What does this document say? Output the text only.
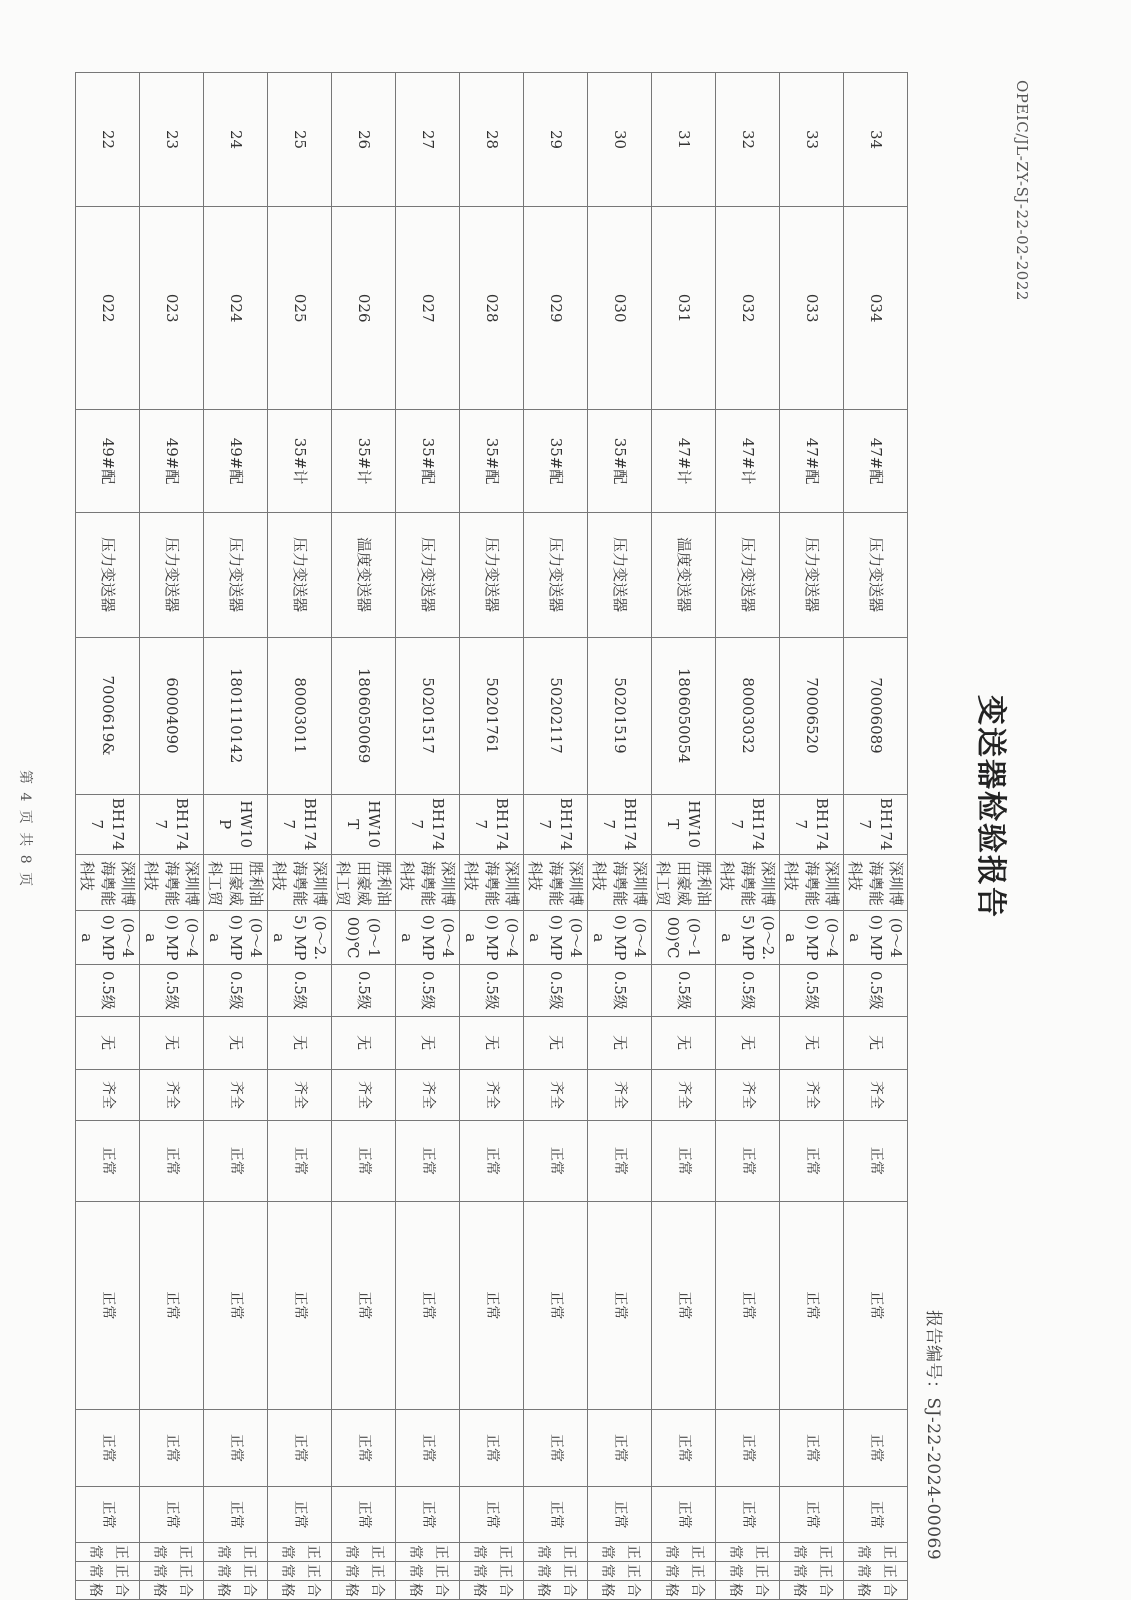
OPEIC/JL-ZY-SJ-22-02-2022
变送器检验报告
报告编号：SJ-22-2024-00069
34	034	47#配	压力变送器	70006089	BH1747	深圳博海粤能科技	(0～40) MPa	0.5级	无	齐全	正常	正常	正常	正常	正常	正常	合格
33	033	47#配	压力变送器	70006520	BH1747	深圳博海粤能科技	(0～40) MPa	0.5级	无	齐全	正常	正常	正常	正常	正常	正常	合格
32	032	47#计	压力变送器	80003032	BH1747	深圳博海粤能科技	(0～2.5) MPa	0.5级	无	齐全	正常	正常	正常	正常	正常	正常	合格
31	031	47#计	温度变送器	1806050054	HW10T	胜利油田豪威科工贸	(0～100)℃	0.5级	无	齐全	正常	正常	正常	正常	正常	正常	合格
30	030	35#配	压力变送器	50201519	BH1747	深圳博海粤能科技	(0～40) MPa	0.5级	无	齐全	正常	正常	正常	正常	正常	正常	合格
29	029	35#配	压力变送器	50202117	BH1747	深圳博海粤能科技	(0～40) MPa	0.5级	无	齐全	正常	正常	正常	正常	正常	正常	合格
28	028	35#配	压力变送器	50201761	BH1747	深圳博海粤能科技	(0～40) MPa	0.5级	无	齐全	正常	正常	正常	正常	正常	正常	合格
27	027	35#配	压力变送器	50201517	BH1747	深圳博海粤能科技	(0～40) MPa	0.5级	无	齐全	正常	正常	正常	正常	正常	正常	合格
26	026	35#计	温度变送器	1806050069	HW10T	胜利油田豪威科工贸	(0～100)℃	0.5级	无	齐全	正常	正常	正常	正常	正常	正常	合格
25	025	35#计	压力变送器	80003011	BH1747	深圳博海粤能科技	(0～2.5) MPa	0.5级	无	齐全	正常	正常	正常	正常	正常	正常	合格
24	024	49#配	压力变送器	1801110142	HW10P	胜利油田豪威科工贸	(0～40) MPa	0.5级	无	齐全	正常	正常	正常	正常	正常	正常	合格
23	023	49#配	压力变送器	60004090	BH1747	深圳博海粤能科技	(0～40) MPa	0.5级	无	齐全	正常	正常	正常	正常	正常	正常	合格
22	022	49#配	压力变送器	7000619&	BH1747	深圳博海粤能科技	(0～40) MPa	0.5级	无	齐全	正常	正常	正常	正常	正常	正常	合格
第 4 页 共 8 页
